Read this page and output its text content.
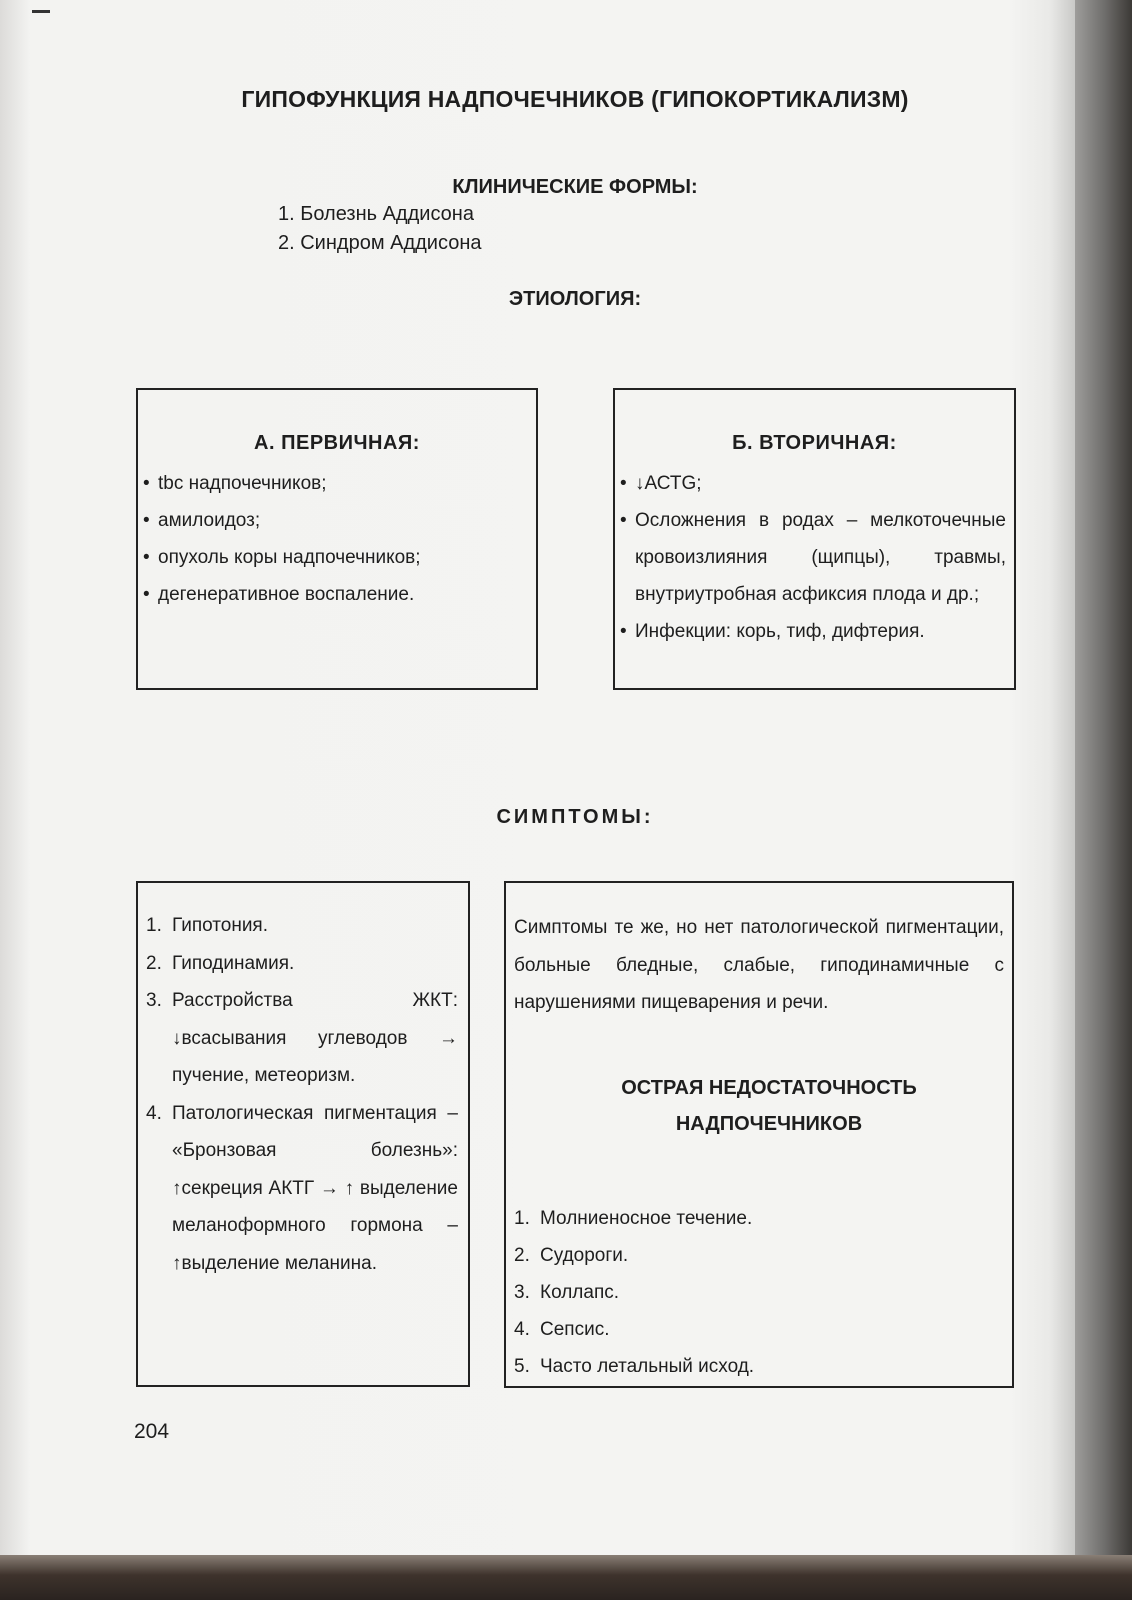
ГИПОФУНКЦИЯ НАДПОЧЕЧНИКОВ (ГИПОКОРТИКАЛИЗМ)
КЛИНИЧЕСКИЕ ФОРМЫ:
1. Болезнь Аддисона
2. Синдром Аддисона
ЭТИОЛОГИЯ:
А. ПЕРВИЧНАЯ:
• tbc надпочечников;
• амилоидоз;
• опухоль коры надпочечников;
• дегенеративное воспаление.
Б. ВТОРИЧНАЯ:
• ↓АСТG;
• Осложнения в родах – мелкоточечные кровоизлияния (щипцы), травмы, внутриутробная асфиксия плода и др.;
• Инфекции: корь, тиф, дифтерия.
СИМПТОМЫ:
1. Гипотония.
2. Гиподинамия.
3. Расстройства ЖКТ: ↓всасывания углеводов → пучение, метеоризм.
4. Патологическая пигментация – «Бронзовая болезнь»: ↑секреция АКТГ → ↑ выделение меланоформного гормона – ↑выделение меланина.
Симптомы те же, но нет патологической пигментации, больные бледные, слабые, гиподинамичные с нарушениями пищеварения и речи.
ОСТРАЯ НЕДОСТАТОЧНОСТЬ
НАДПОЧЕЧНИКОВ
1. Молниеносное течение.
2. Судороги.
3. Коллапс.
4. Сепсис.
5. Часто летальный исход.
204
